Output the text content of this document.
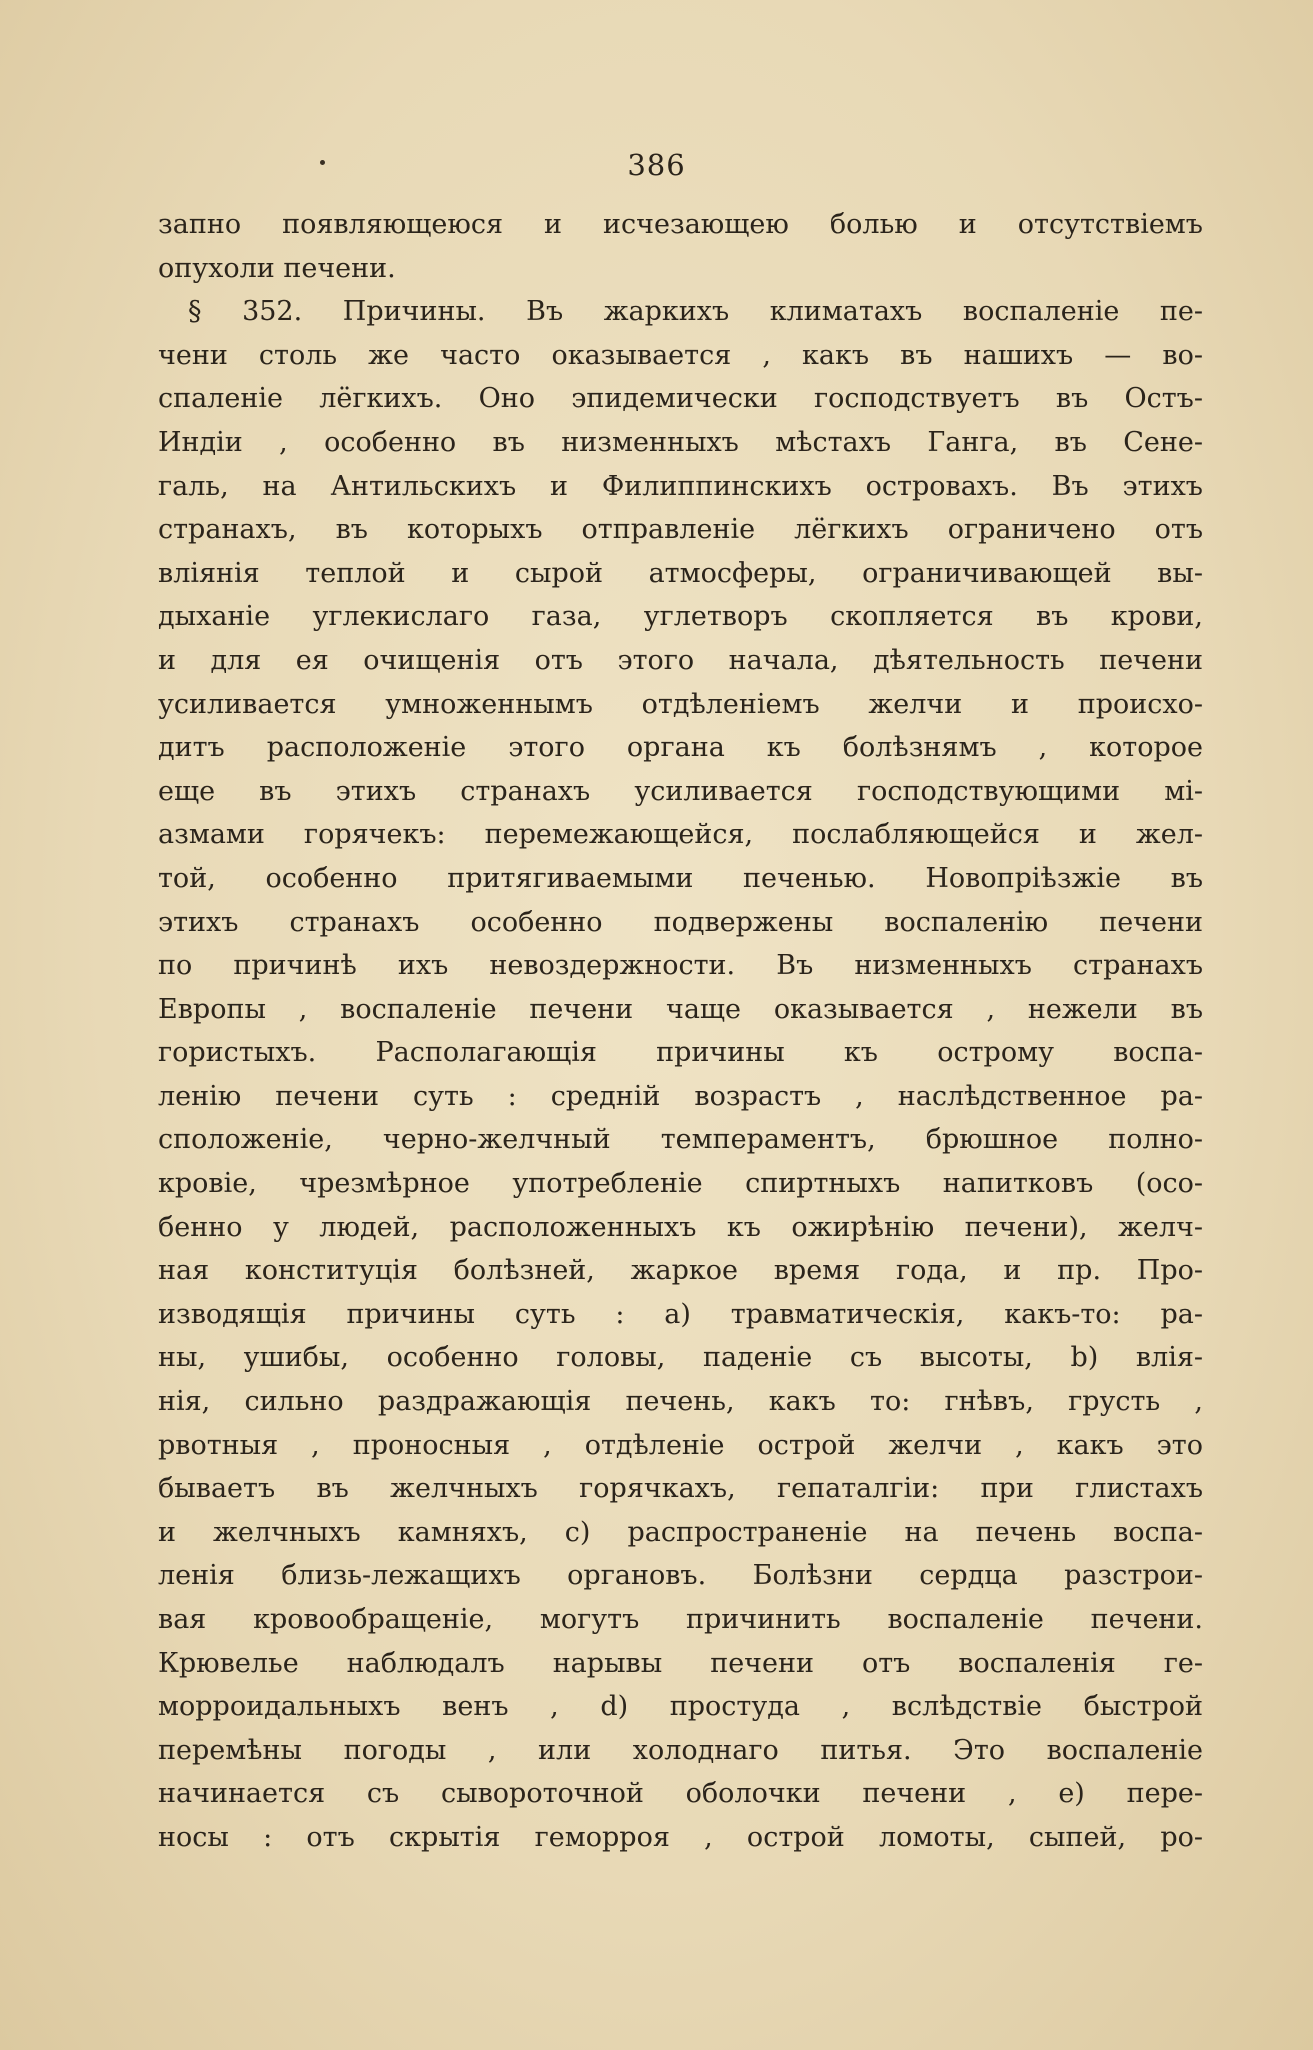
386
запно появляющеюся и исчезающею болью и отсутствіемъ
опухоли печени.
§ 352. Причины. Въ жаркихъ климатахъ воспаленіе пе-
чени столь же часто оказывается , какъ въ нашихъ — во-
спаленіе лёгкихъ. Оно эпидемически господствуетъ въ Остъ-
Индіи , особенно въ низменныхъ мѣстахъ Ганга, въ Сене-
галь, на Антильскихъ и Филиппинскихъ островахъ. Въ этихъ
странахъ, въ которыхъ отправленіе лёгкихъ ограничено отъ
вліянія теплой и сырой атмосферы, ограничивающей вы-
дыханіе углекислаго газа, углетворъ скопляется въ крови,
и для ея очищенія отъ этого начала, дѣятельность печени
усиливается умноженнымъ отдѣленіемъ желчи и происхо-
дитъ расположеніе этого органа къ болѣзнямъ , которое
еще въ этихъ странахъ усиливается господствующими мі-
азмами горячекъ: перемежающейся, послабляющейся и жел-
той, особенно притягиваемыми печенью. Новопріѣзжіе въ
этихъ странахъ особенно подвержены воспаленію печени
по причинѣ ихъ невоздержности. Въ низменныхъ странахъ
Европы , воспаленіе печени чаще оказывается , нежели въ
гористыхъ. Располагающія причины къ острому воспа-
ленію печени суть : средній возрастъ , наслѣдственное ра-
сположеніе, черно-желчный темпераментъ, брюшное полно-
кровіе, чрезмѣрное употребленіе спиртныхъ напитковъ (осо-
бенно у людей, расположенныхъ къ ожирѣнію печени), желч-
ная конституція болѣзней, жаркое время года, и пр. Про-
изводящія причины суть : a) травматическія, какъ-то: ра-
ны, ушибы, особенно головы, паденіе съ высоты, b) влія-
нія, сильно раздражающія печень, какъ то: гнѣвъ, грусть ,
рвотныя , проносныя , отдѣленіе острой желчи , какъ это
бываетъ въ желчныхъ горячкахъ, гепаталгіи: при глистахъ
и желчныхъ камняхъ, c) распространеніе на печень воспа-
ленія близь-лежащихъ органовъ. Болѣзни сердца разстрои-
вая кровообращеніе, могутъ причинить воспаленіе печени.
Крювелье наблюдалъ нарывы печени отъ воспаленія ге-
морроидальныхъ венъ , d) простуда , вслѣдствіе быстрой
перемѣны погоды , или холоднаго питья. Это воспаленіе
начинается съ сывороточной оболочки печени , e) пере-
носы : отъ скрытія геморроя , острой ломоты, сыпей, ро-
